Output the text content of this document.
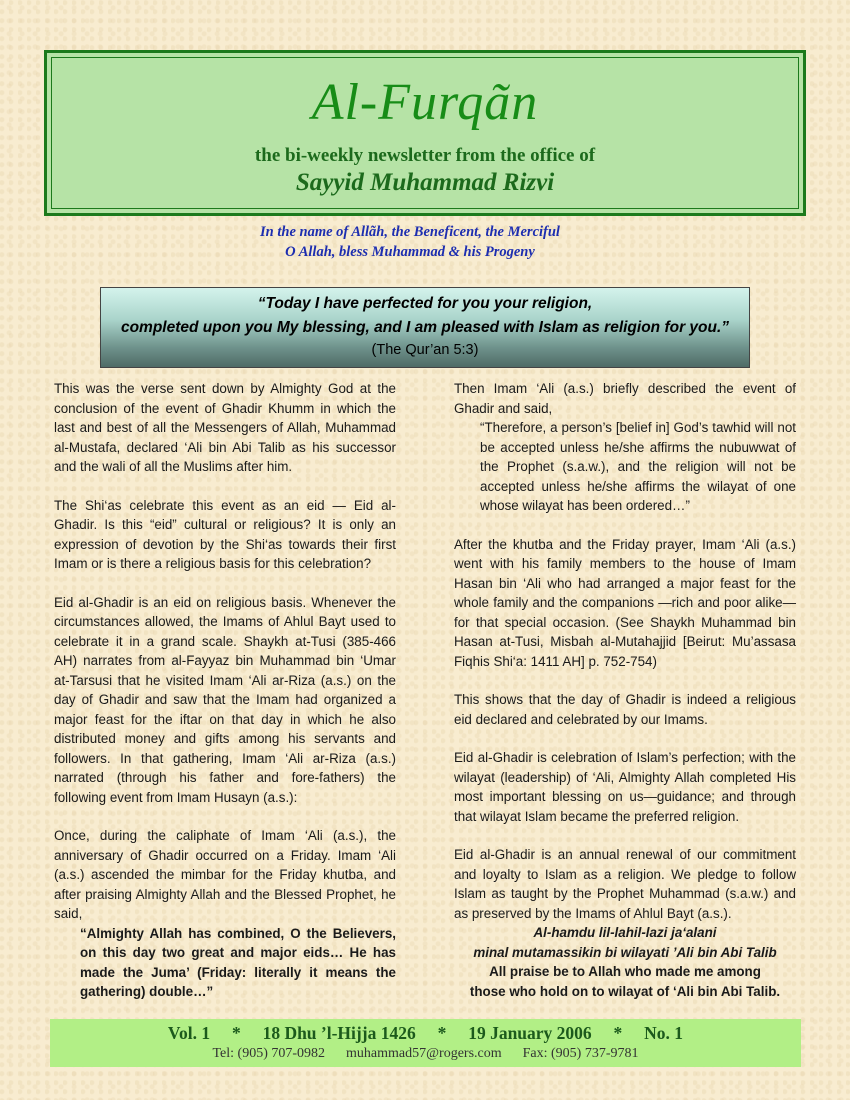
Al-Furqãn
the bi-weekly newsletter from the office of
Sayyid Muhammad Rizvi
In the name of Allãh, the Beneficent, the Merciful
O Allah, bless Muhammad & his Progeny
“Today I have perfected for you your religion,
completed upon you My blessing, and I am pleased with Islam as religion for you.”
(The Qur’an 5:3)

This was the verse sent down by Almighty God at the conclusion of the event of Ghadir Khumm in which the last and best of all the Messengers of Allah, Muhammad al-Mustafa, declared ‘Ali bin Abi Talib as his successor and the wali of all the Muslims after him.

The Shi‘as celebrate this event as an eid — Eid al-Ghadir. Is this “eid” cultural or religious? It is only an expression of devotion by the Shi‘as towards their first Imam or is there a religious basis for this celebration?

Eid al-Ghadir is an eid on religious basis. Whenever the circumstances allowed, the Imams of Ahlul Bayt used to celebrate it in a grand scale. Shaykh at-Tusi (385-466 AH) narrates from al-Fayyaz bin Muhammad bin ‘Umar at-Tarsusi that he visited Imam ‘Ali ar-Riza (a.s.) on the day of Ghadir and saw that the Imam had organized a major feast for the iftar on that day in which he also distributed money and gifts among his servants and followers. In that gathering, Imam ‘Ali ar-Riza (a.s.) narrated (through his father and fore-fathers) the following event from Imam Husayn (a.s.):

Once, during the caliphate of Imam ‘Ali (a.s.), the anniversary of Ghadir occurred on a Friday. Imam ‘Ali (a.s.) ascended the mimbar for the Friday khutba, and after praising Almighty Allah and the Blessed Prophet, he said,

“Almighty Allah has combined, O the Believers, on this day two great and major eids… He has made the Juma’ (Friday: literally it means the gathering) double…”

Then Imam ‘Ali (a.s.) briefly described the event of Ghadir and said,

“Therefore, a person’s [belief in] God’s tawhid will not be accepted unless he/she affirms the nubuwwat of the Prophet (s.a.w.), and the religion will not be accepted unless he/she affirms the wilayat of one whose wilayat has been ordered…”

After the khutba and the Friday prayer, Imam ‘Ali (a.s.) went with his family members to the house of Imam Hasan bin ‘Ali who had arranged a major feast for the whole family and the companions —rich and poor alike— for that special occasion. (See Shaykh Muhammad bin Hasan at-Tusi, Misbah al-Mutahajjid [Beirut: Mu’assasa Fiqhis Shi‘a: 1411 AH] p. 752-754)

This shows that the day of Ghadir is indeed a religious eid declared and celebrated by our Imams.

Eid al-Ghadir is celebration of Islam’s perfection; with the wilayat (leadership) of ‘Ali, Almighty Allah completed His most important blessing on us—guidance; and through that wilayat Islam became the preferred religion.

Eid al-Ghadir is an annual renewal of our commitment and loyalty to Islam as a religion. We pledge to follow Islam as taught by the Prophet Muhammad (s.a.w.) and as preserved by the Imams of Ahlul Bayt (a.s.).

Al-hamdu lil-lahil-lazi ja‘alani
minal mutamassikin bi wilayati ’Ali bin Abi Talib
All praise be to Allah who made me among
those who hold on to wilayat of ‘Ali bin Abi Talib.
Vol. 1     *     18 Dhu ’l-Hijja 1426     *     19 January 2006     *     No. 1
Tel: (905) 707-0982      muhammad57@rogers.com      Fax: (905) 737-9781
